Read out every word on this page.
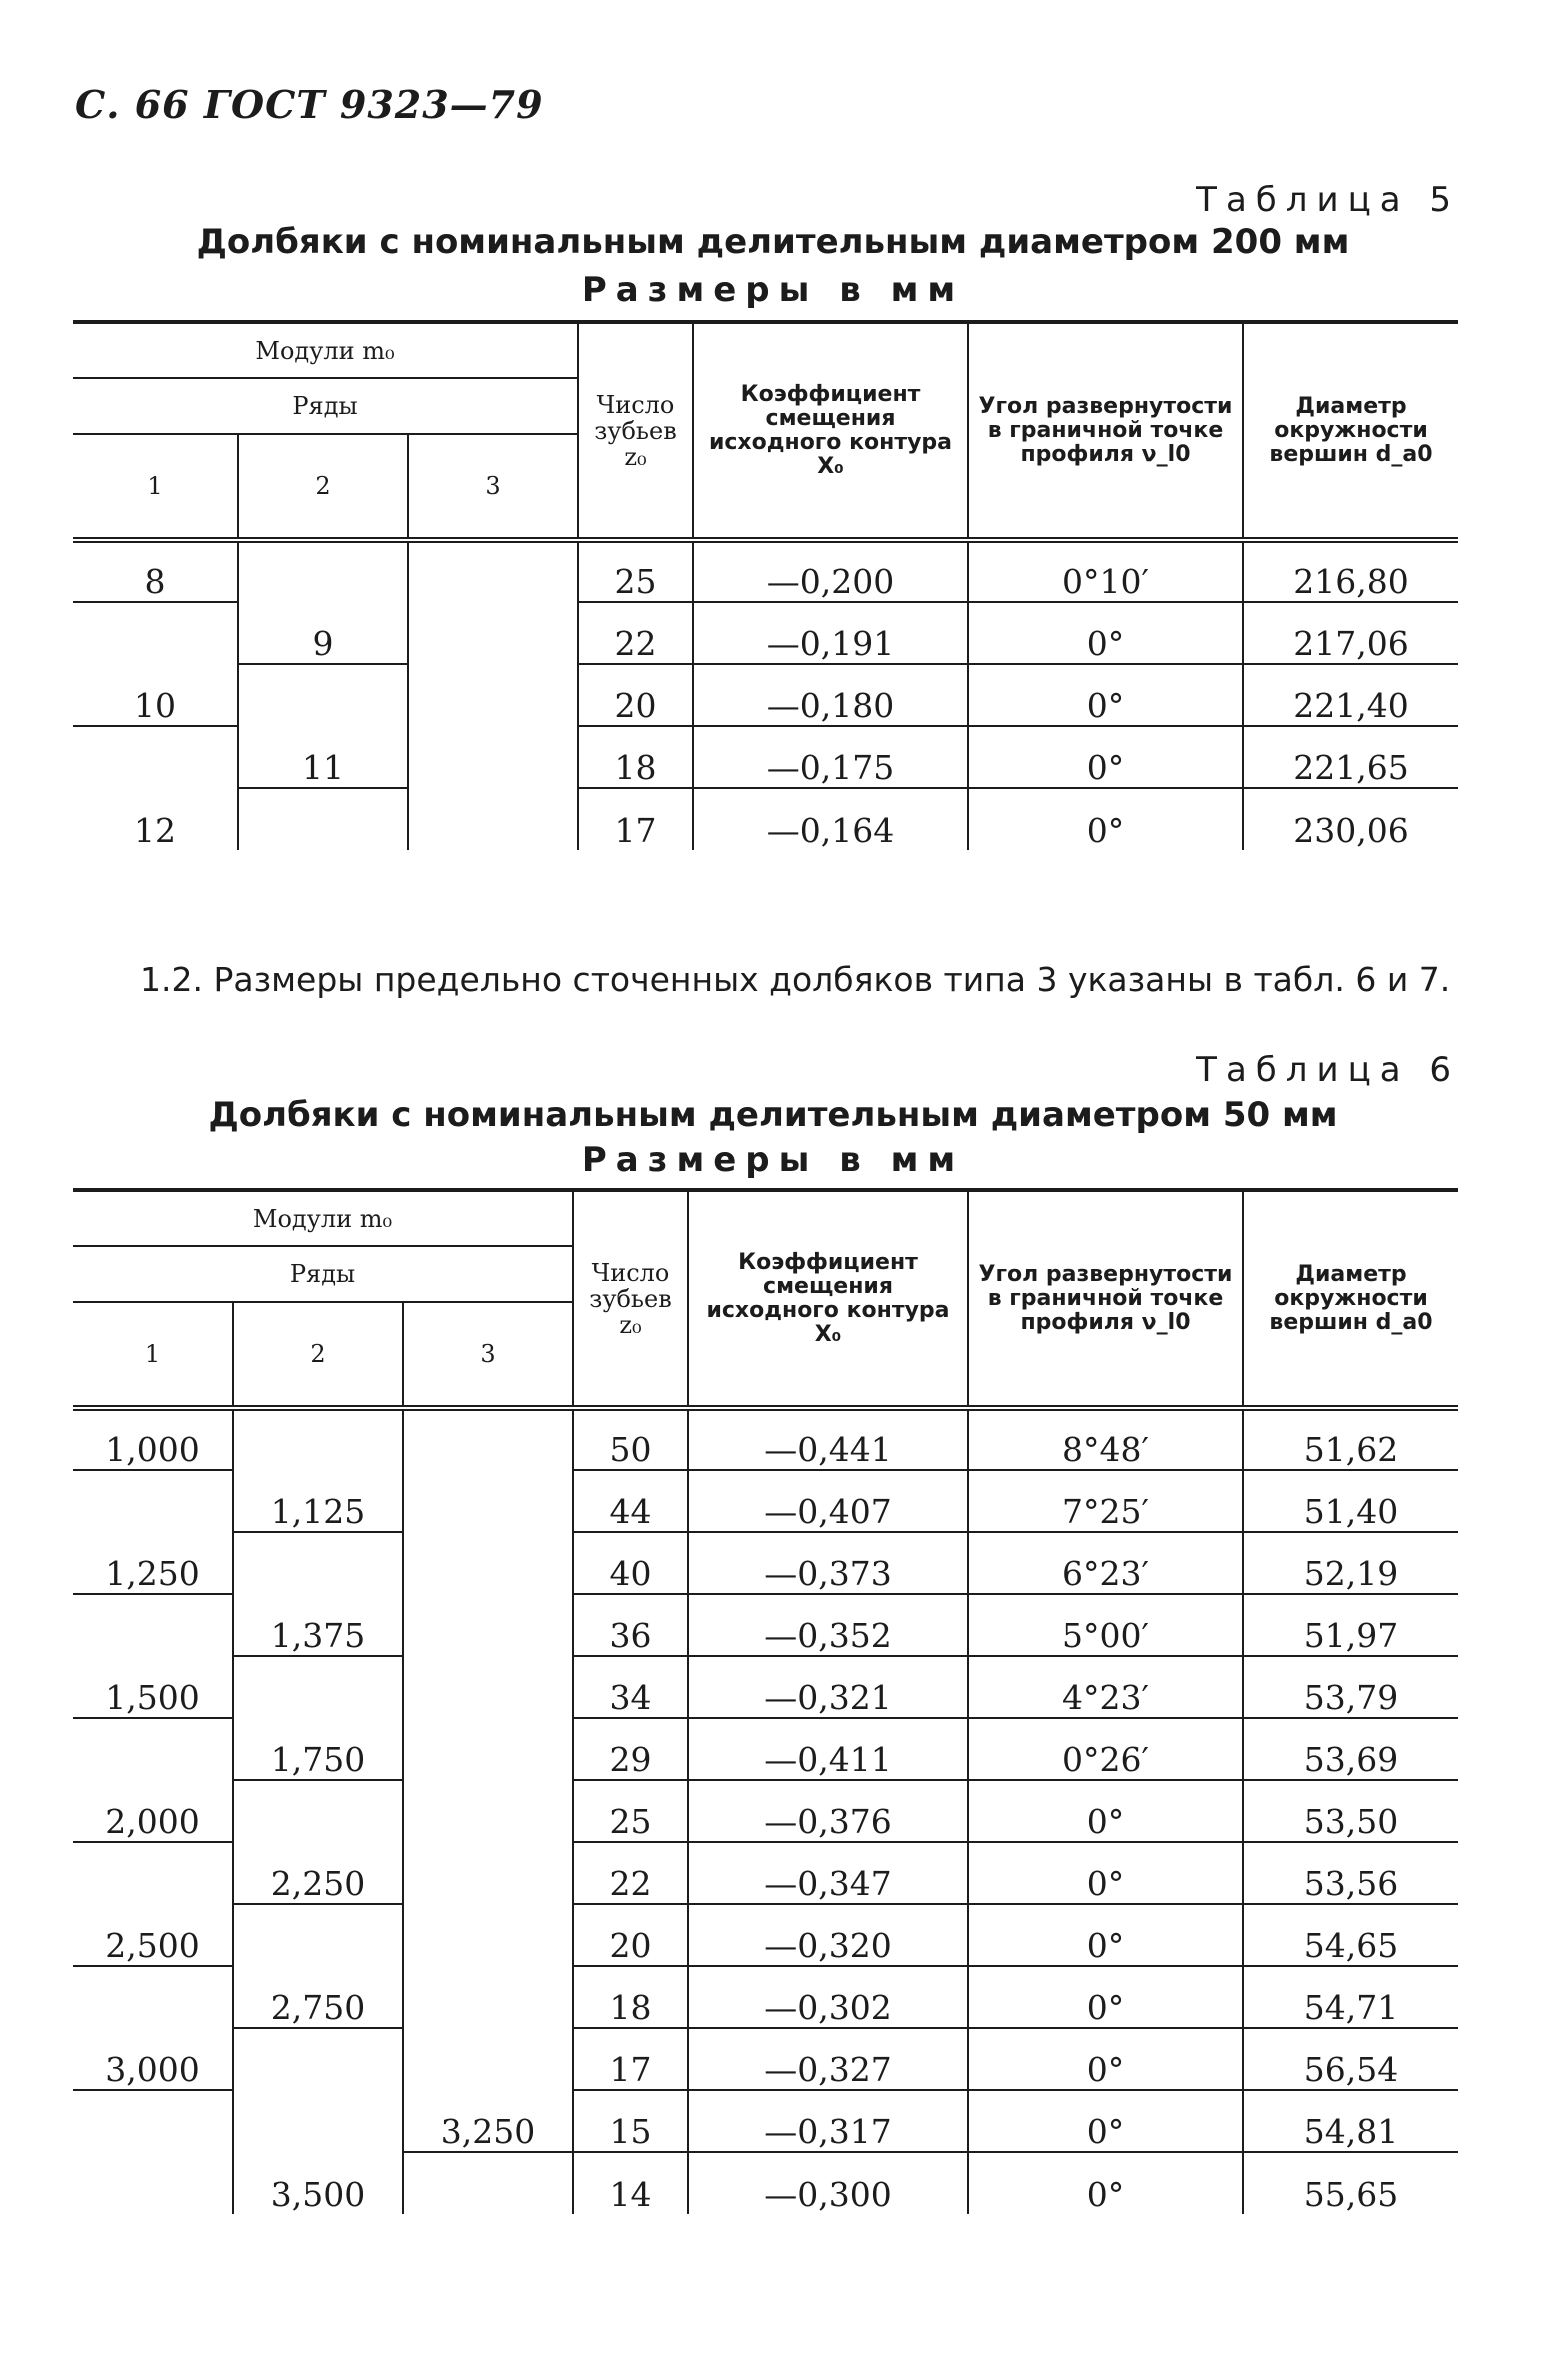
С. 66 ГОСТ 9323—79
Таблица 5
Долбяки с номинальным делительным диаметром 200 мм
Размеры в мм
Модули m₀			Число зубьев z₀	Коэффициент смещения исходного контура X₀	Угол развернутости в граничной точке профиля ν_l0	Диаметр окружности вершин d_a0
Ряды						
1	2	3				
8			25	—0,200	0°10′	216,80
	9		22	—0,191	0°	217,06
10			20	—0,180	0°	221,40
	11		18	—0,175	0°	221,65
12			17	—0,164	0°	230,06
1.2. Размеры предельно сточенных долбяков типа 3 указаны в табл. 6 и 7.
Таблица 6
Долбяки с номинальным делительным диаметром 50 мм
Размеры в мм
Модули m₀			Число зубьев z₀	Коэффициент смещения исходного контура X₀	Угол развернутости в граничной точке профиля ν_l0	Диаметр окружности вершин d_a0
Ряды						
1	2	3				
1,000			50	—0,441	8°48′	51,62
	1,125		44	—0,407	7°25′	51,40
1,250			40	—0,373	6°23′	52,19
	1,375		36	—0,352	5°00′	51,97
1,500			34	—0,321	4°23′	53,79
	1,750		29	—0,411	0°26′	53,69
2,000			25	—0,376	0°	53,50
	2,250		22	—0,347	0°	53,56
2,500			20	—0,320	0°	54,65
	2,750		18	—0,302	0°	54,71
3,000			17	—0,327	0°	56,54
		3,250	15	—0,317	0°	54,81
	3,500		14	—0,300	0°	55,65
